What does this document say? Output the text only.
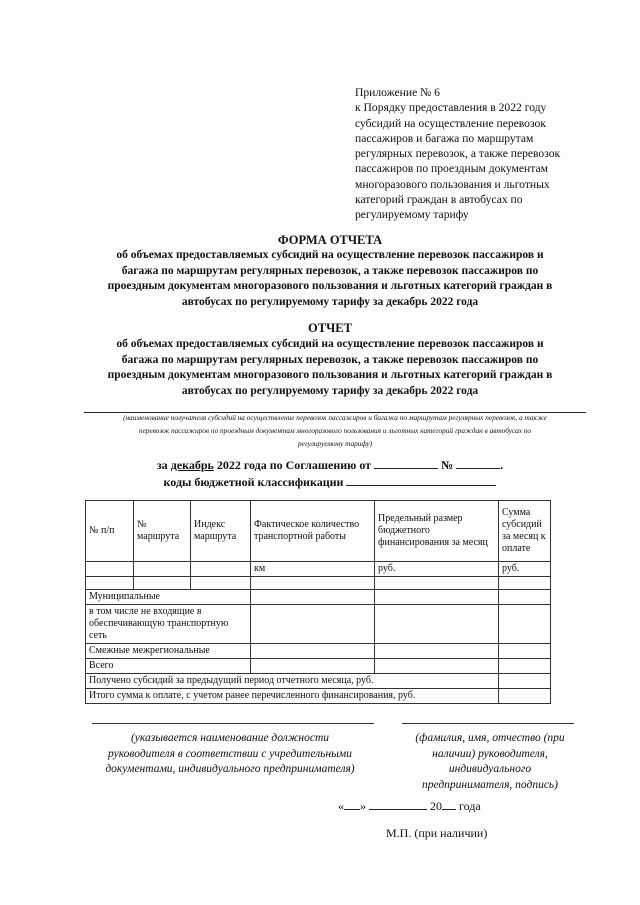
Приложение № 6
к Порядку предоставления в 2022 году
субсидий на осуществление перевозок
пассажиров и багажа по маршрутам
регулярных перевозок, а также перевозок
пассажиров по проездным документам
многоразового пользования и льготных
категорий граждан в автобусах по
регулируемому тарифу
ФОРМА ОТЧЕТА
об объемах предоставляемых субсидий на осуществление перевозок пассажиров и
багажа по маршрутам регулярных перевозок, а также перевозок пассажиров по
проездным документам многоразового пользования и льготных категорий граждан в
автобусах по регулируемому тарифу за декабрь 2022 года
ОТЧЕТ
об объемах предоставляемых субсидий на осуществление перевозок пассажиров и
багажа по маршрутам регулярных перевозок, а также перевозок пассажиров по
проездным документам многоразового пользования и льготных категорий граждан в
автобусах по регулируемому тарифу за декабрь 2022 года
(наименование получателя субсидий на осуществление перевозок пассажиров и багажа по маршрутам регулярных перевозок, а также
перевозок пассажиров по проездным документам многоразового пользования и льготных категорий граждан в автобусах по
регулируемому тарифу)
за декабрь 2022 года по Соглашению от	№	.
коды бюджетной классификации
№ п/п	№ маршрута	Индекс маршрута	Фактическое количество транспортной работы	Предельный размер бюджетного финансирования за месяц	Сумма субсидий за месяц к оплате
			км	руб.	руб.

Муниципальные					
в том числе не входящие в обеспечивающую транспортную сеть					
Смежные межрегиональные					
Всего					
Получено субсидий за предыдущий период отчетного месяца, руб.					
Итого сумма к оплате, с учетом ранее перечисленного финансирования, руб.					
(указывается наименование должности
руководителя в соответствии с учредительными
документами, индивидуального предпринимателя)
(фамилия, имя, отчество (при
наличии) руководителя,
индивидуального
предпринимателя, подпись)
« »	20 года
М.П. (при наличии)
